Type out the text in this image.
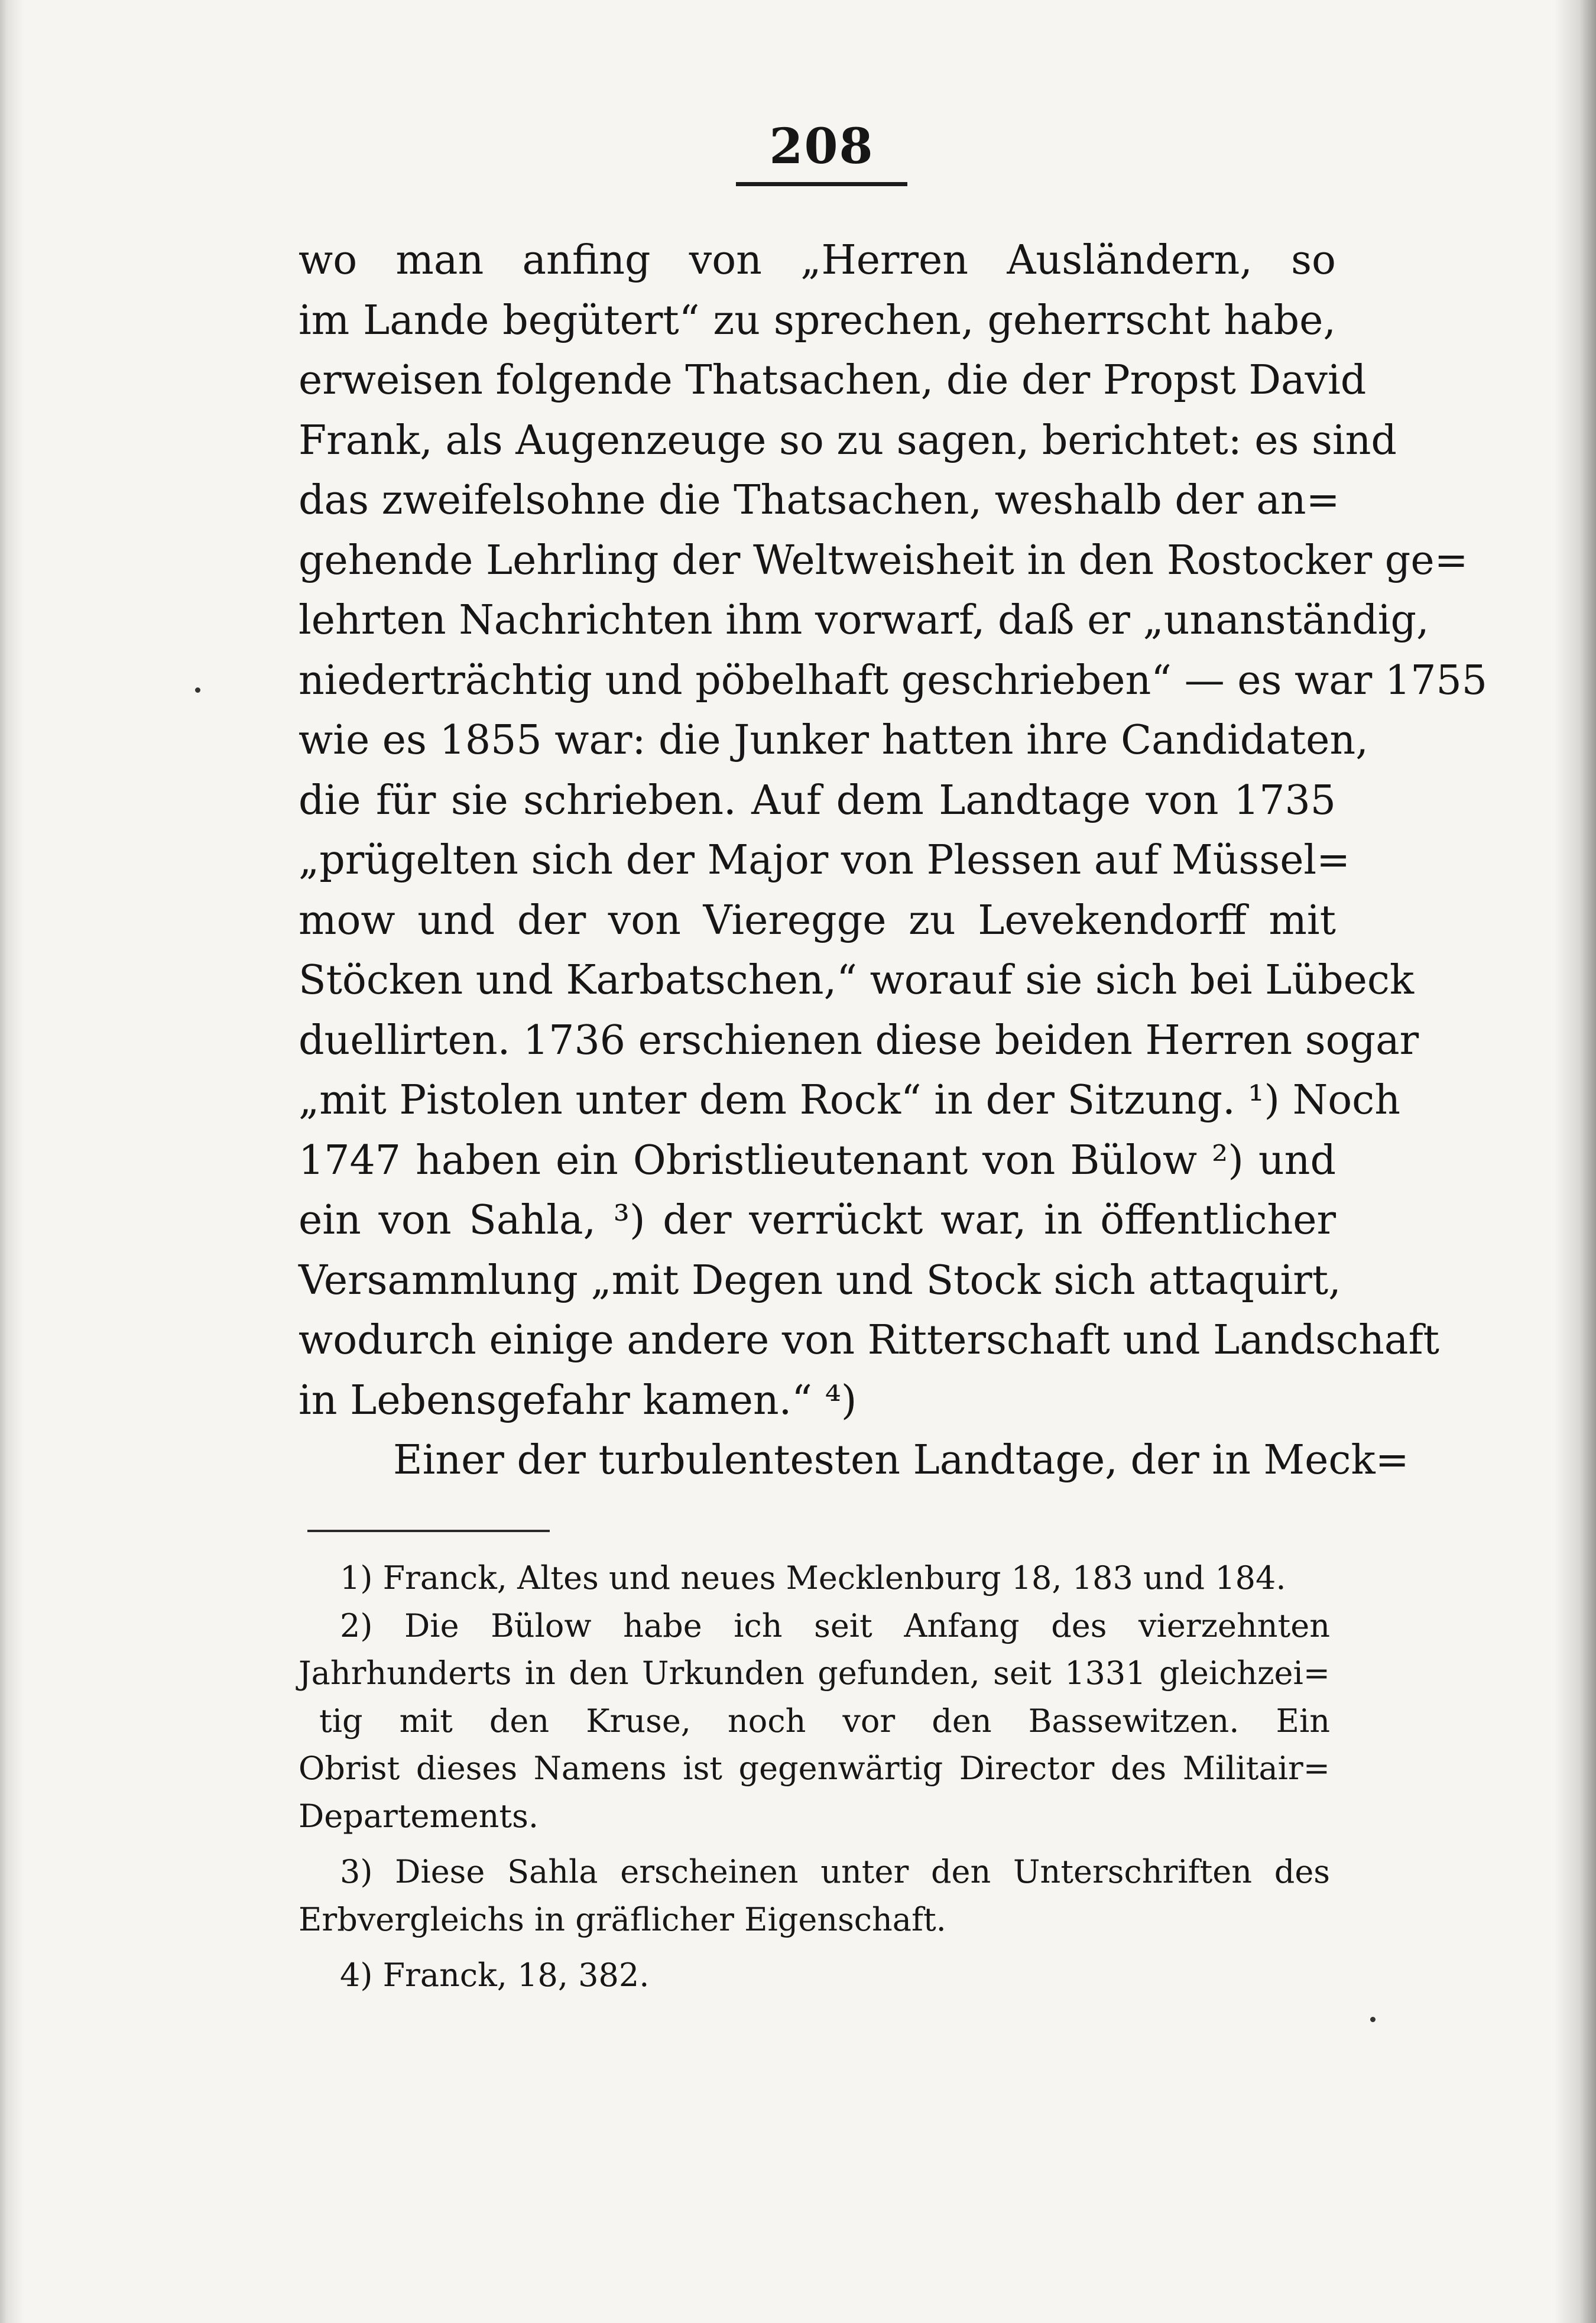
208
wo man anfing von „Herren Ausländern, so
im Lande begütert“ zu sprechen, geherrscht habe,
erweisen folgende Thatsachen, die der Propst David
Frank, als Augenzeuge so zu sagen, berichtet: es sind
das zweifelsohne die Thatsachen, weshalb der an=
gehende Lehrling der Weltweisheit in den Rostocker ge=
lehrten Nachrichten ihm vorwarf, daß er „unanständig,
niederträchtig und pöbelhaft geschrieben“ — es war 1755
wie es 1855 war: die Junker hatten ihre Candidaten,
die für sie schrieben. Auf dem Landtage von 1735
„prügelten sich der Major von Plessen auf Müssel=
mow und der von Vieregge zu Levekendorff mit
Stöcken und Karbatschen,“ worauf sie sich bei Lübeck
duellirten. 1736 erschienen diese beiden Herren sogar
„mit Pistolen unter dem Rock“ in der Sitzung. ¹) Noch
1747 haben ein Obristlieutenant von Bülow ²) und
ein von Sahla, ³) der verrückt war, in öffentlicher
Versammlung „mit Degen und Stock sich attaquirt,
wodurch einige andere von Ritterschaft und Landschaft
in Lebensgefahr kamen.“ ⁴)
Einer der turbulentesten Landtage, der in Meck=
1) Franck, Altes und neues Mecklenburg 18, 183 und 184.
2) Die Bülow habe ich seit Anfang des vierzehnten
Jahrhunderts in den Urkunden gefunden, seit 1331 gleichzei=
tig mit den Kruse, noch vor den Bassewitzen. Ein
Obrist dieses Namens ist gegenwärtig Director des Militair=
Departements.
3) Diese Sahla erscheinen unter den Unterschriften des
Erbvergleichs in gräflicher Eigenschaft.
4) Franck, 18, 382.
